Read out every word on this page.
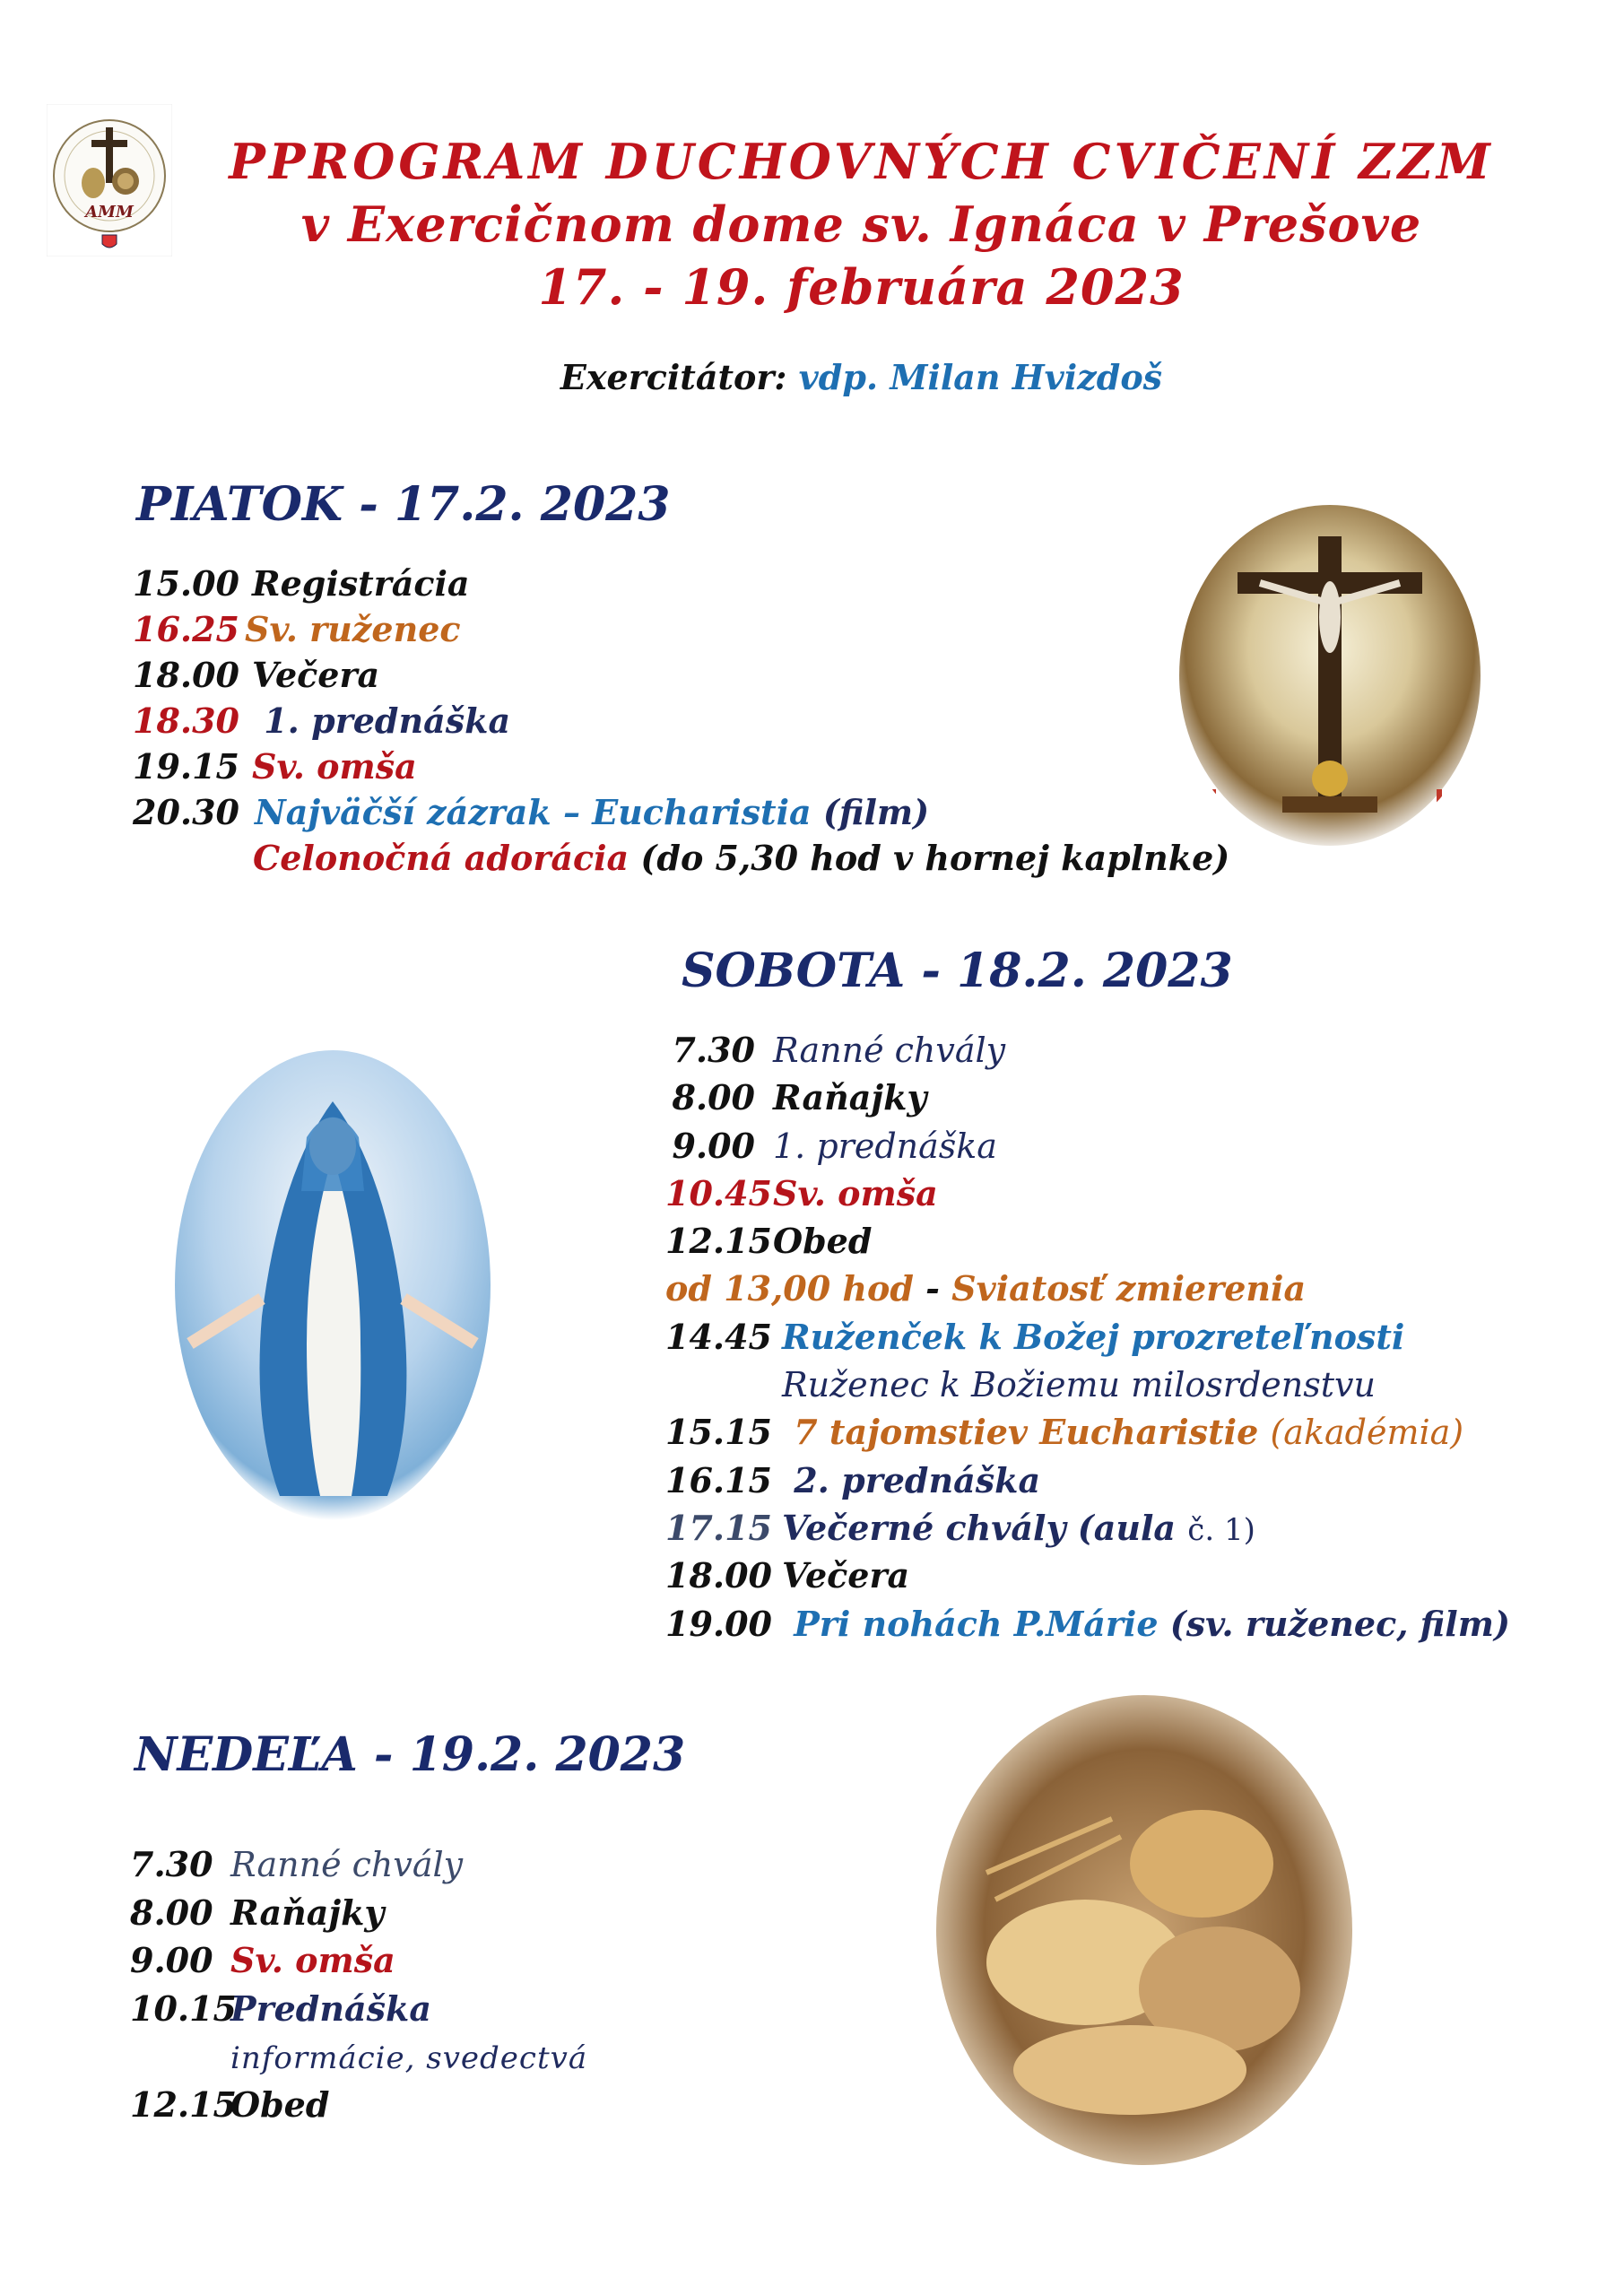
AMM
PPROGRAM DUCHOVNÝCH CVIČENÍ ZZM
v Exercičnom dome sv. Ignáca v Prešove
17. - 19. februára 2023
Exercitátor: vdp. Milan Hvizdoš
PIATOK - 17.2. 2023
15.00 Registrácia
16.25 Sv. ruženec
18.00 Večera
18.30 1. prednáška
19.15 Sv. omša
20.30 Najväčší zázrak – Eucharistia (film)
Celonočná adorácia (do 5,30 hod v hornej kaplnke)
SOBOTA - 18.2. 2023
7.30 Ranné chvály
8.00 Raňajky
9.00 1. prednáška
10.45Sv. omša
12.15Obed
od 13,00 hod - Sviatosť zmierenia
14.45 Ruženček k Božej prozreteľnosti
Ruženec k Božiemu milosrdenstvu
15.15 7 tajomstiev Eucharistie (akadémia)
16.15 2. prednáška
17.15 Večerné chvály (aula č. 1)
18.00 Večera
19.00 Pri nohách P.Márie (sv. ruženec, film)
NEDEĽA - 19.2. 2023
7.30 Ranné chvály
8.00 Raňajky
9.00 Sv. omša
10.15Prednáška
informácie, svedectvá
12.15Obed
